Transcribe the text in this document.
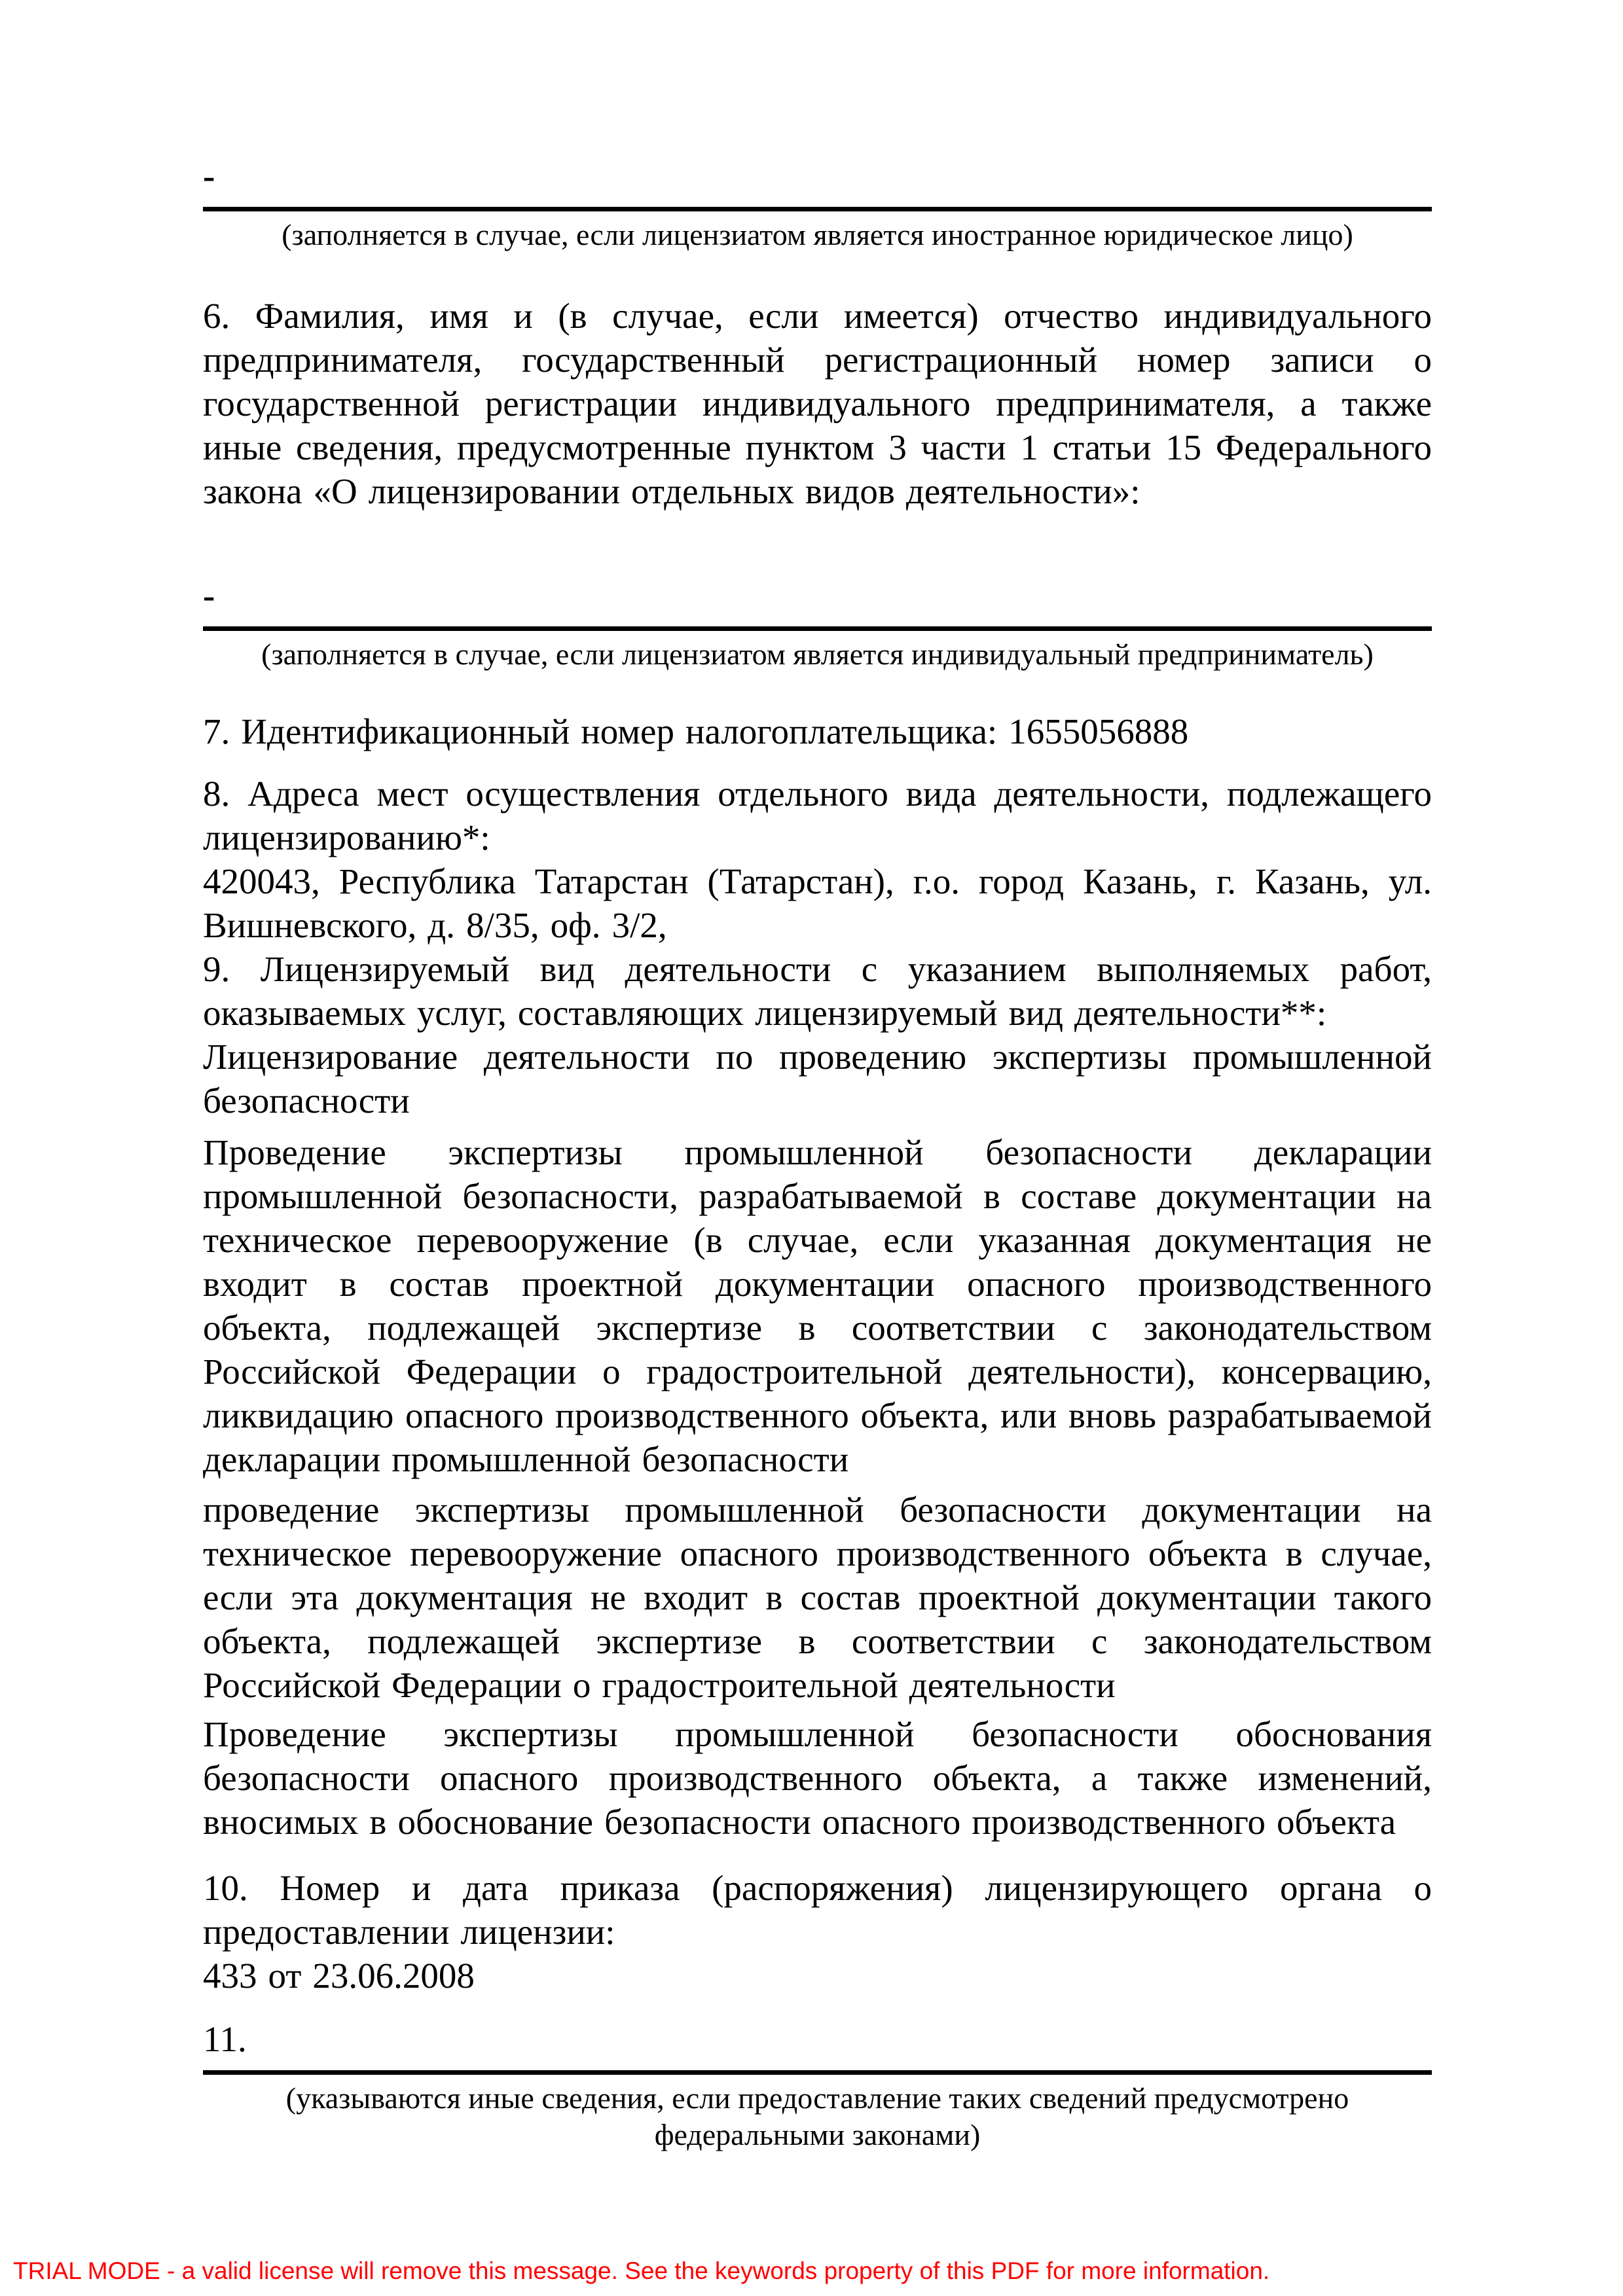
-

(заполняется в случае, если лицензиатом является иностранное юридическое лицо)

6. Фамилия, имя и (в случае, если имеется) отчество индивидуального предпринимателя, государственный регистрационный номер записи о государственной регистрации индивидуального предпринимателя, а также иные сведения, предусмотренные пунктом 3 части 1 статьи 15 Федерального закона «О лицензировании отдельных видов деятельности»:

-

(заполняется в случае, если лицензиатом является индивидуальный предприниматель)

7. Идентификационный номер налогоплательщика: 1655056888

8. Адреса мест осуществления отдельного вида деятельности, подлежащего лицензированию*:

420043, Республика Татарстан (Татарстан), г.о. город Казань, г. Казань, ул. Вишневского, д. 8/35, оф. 3/2,

9. Лицензируемый вид деятельности с указанием выполняемых работ, оказываемых услуг, составляющих лицензируемый вид деятельности**:

Лицензирование деятельности по проведению экспертизы промышленной безопасности

Проведение экспертизы промышленной безопасности декларации промышленной безопасности, разрабатываемой в составе документации на техническое перевооружение (в случае, если указанная документация не входит в состав проектной документации опасного производственного объекта, подлежащей экспертизе в соответствии с законодательством Российской Федерации о градостроительной деятельности), консервацию, ликвидацию опасного производственного объекта, или вновь разрабатываемой декларации промышленной безопасности

проведение экспертизы промышленной безопасности документации на техническое перевооружение опасного производственного объекта в случае, если эта документация не входит в состав проектной документации такого объекта, подлежащей экспертизе в соответствии с законодательством Российской Федерации о градостроительной деятельности

Проведение экспертизы промышленной безопасности обоснования безопасности опасного производственного объекта, а также изменений, вносимых в обоснование безопасности опасного производственного объекта

10. Номер и дата приказа (распоряжения) лицензирующего органа о предоставлении лицензии:

433 от 23.06.2008

11.

(указываются иные сведения, если предоставление таких сведений предусмотрено федеральными законами)

TRIAL MODE - a valid license will remove this message. See the keywords property of this PDF for more information.
